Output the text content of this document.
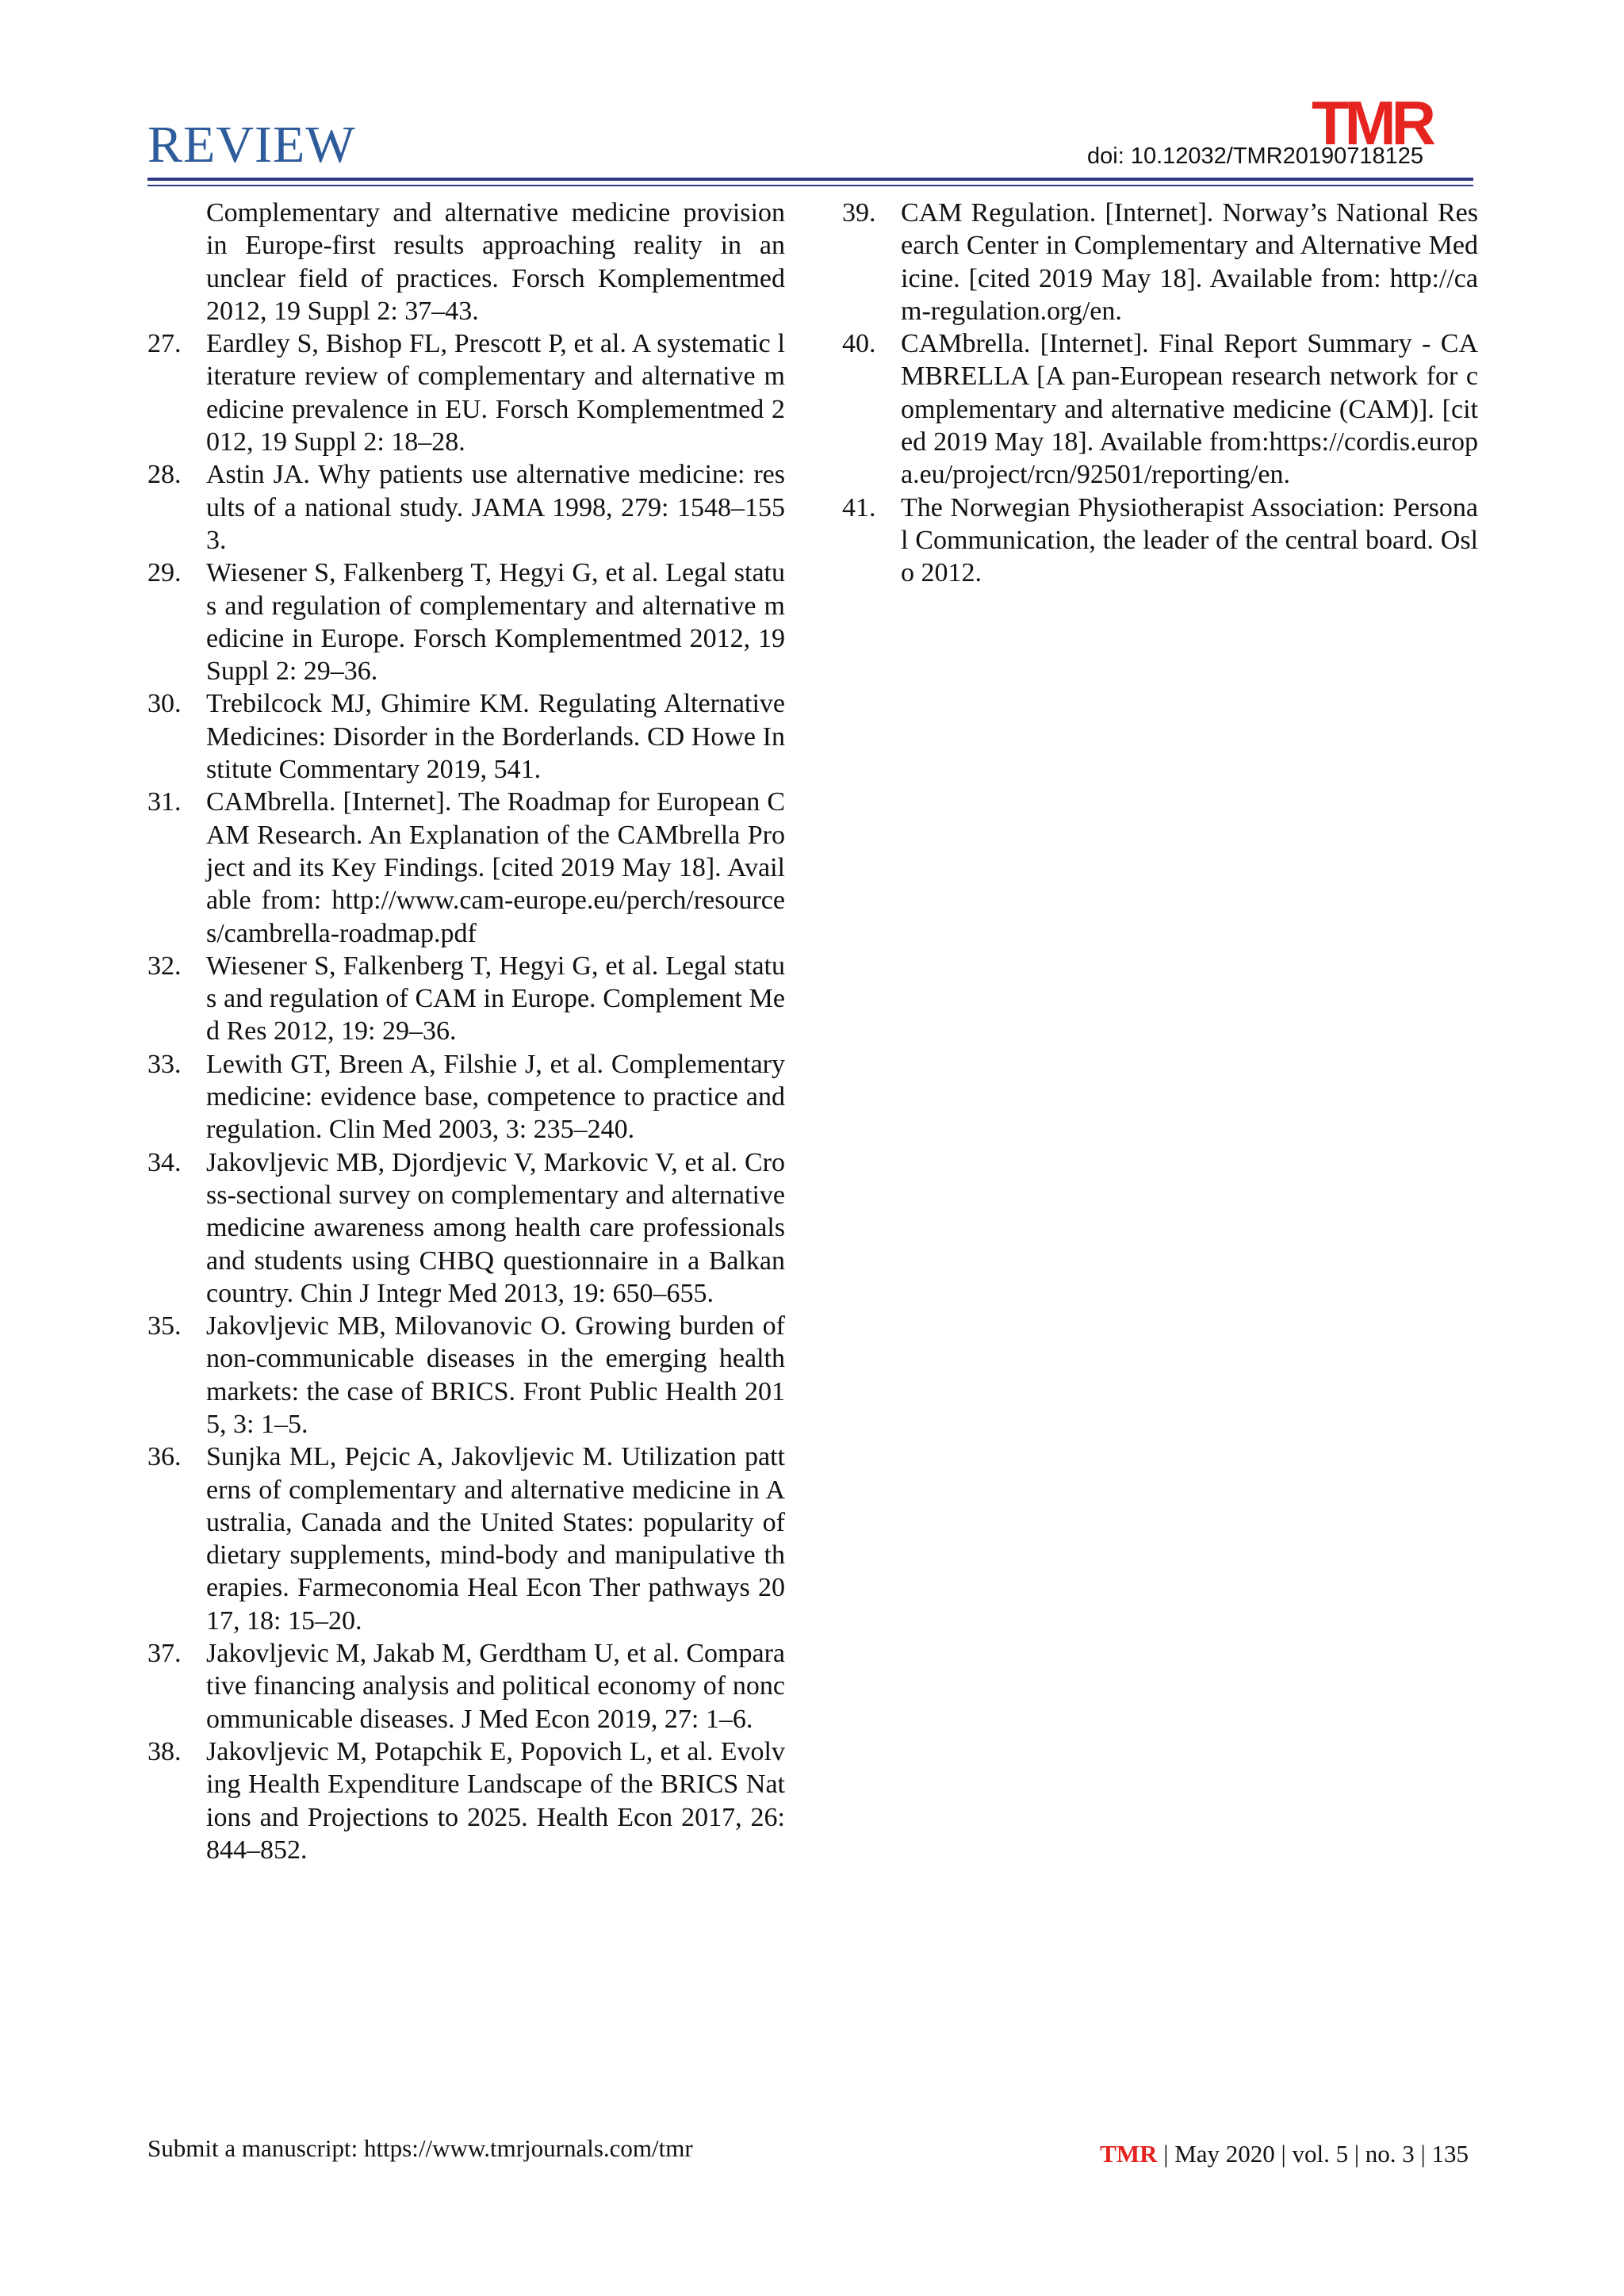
REVIEW	TMR
doi: 10.12032/TMR20190718125
Complementary and alternative medicine provision in Europe-first results approaching reality in an unclear field of practices. Forsch Komplementmed 2012, 19 Suppl 2: 37–43.
27. Eardley S, Bishop FL, Prescott P, et al. A systematic literature review of complementary and alternative medicine prevalence in EU. Forsch Komplementmed 2012, 19 Suppl 2: 18–28.
28. Astin JA. Why patients use alternative medicine: results of a national study. JAMA 1998, 279: 1548–1553.
29. Wiesener S, Falkenberg T, Hegyi G, et al. Legal status and regulation of complementary and alternative medicine in Europe. Forsch Komplementmed 2012, 19 Suppl 2: 29–36.
30. Trebilcock MJ, Ghimire KM. Regulating Alternative Medicines: Disorder in the Borderlands. CD Howe Institute Commentary 2019, 541.
31. CAMbrella. [Internet]. The Roadmap for European CAM Research. An Explanation of the CAMbrella Project and its Key Findings. [cited 2019 May 18]. Available from: http://www.cam-europe.eu/perch/resources/cambrella-roadmap.pdf
32. Wiesener S, Falkenberg T, Hegyi G, et al. Legal status and regulation of CAM in Europe. Complement Med Res 2012, 19: 29–36.
33. Lewith GT, Breen A, Filshie J, et al. Complementary medicine: evidence base, competence to practice and regulation. Clin Med 2003, 3: 235–240.
34. Jakovljevic MB, Djordjevic V, Markovic V, et al. Cross-sectional survey on complementary and alternative medicine awareness among health care professionals and students using CHBQ questionnaire in a Balkan country. Chin J Integr Med 2013, 19: 650–655.
35. Jakovljevic MB, Milovanovic O. Growing burden of non-communicable diseases in the emerging health markets: the case of BRICS. Front Public Health 2015, 3: 1–5.
36. Sunjka ML, Pejcic A, Jakovljevic M. Utilization patterns of complementary and alternative medicine in Australia, Canada and the United States: popularity of dietary supplements, mind-body and manipulative therapies. Farmeconomia Heal Econ Ther pathways 2017, 18: 15–20.
37. Jakovljevic M, Jakab M, Gerdtham U, et al. Comparative financing analysis and political economy of noncommunicable diseases. J Med Econ 2019, 27: 1–6.
38. Jakovljevic M, Potapchik E, Popovich L, et al. Evolving Health Expenditure Landscape of the BRICS Nations and Projections to 2025. Health Econ 2017, 26: 844–852.
39. CAM Regulation. [Internet]. Norway’s National Research Center in Complementary and Alternative Medicine. [cited 2019 May 18]. Available from: http://cam-regulation.org/en.
40. CAMbrella. [Internet]. Final Report Summary - CAMBRELLA [A pan-European research network for complementary and alternative medicine (CAM)]. [cited 2019 May 18]. Available from:https://cordis.europa.eu/project/rcn/92501/reporting/en.
41. The Norwegian Physiotherapist Association: Personal Communication, the leader of the central board. Oslo 2012.
Submit a manuscript: https://www.tmrjournals.com/tmr	TMR | May 2020 | vol. 5 | no. 3 | 135
